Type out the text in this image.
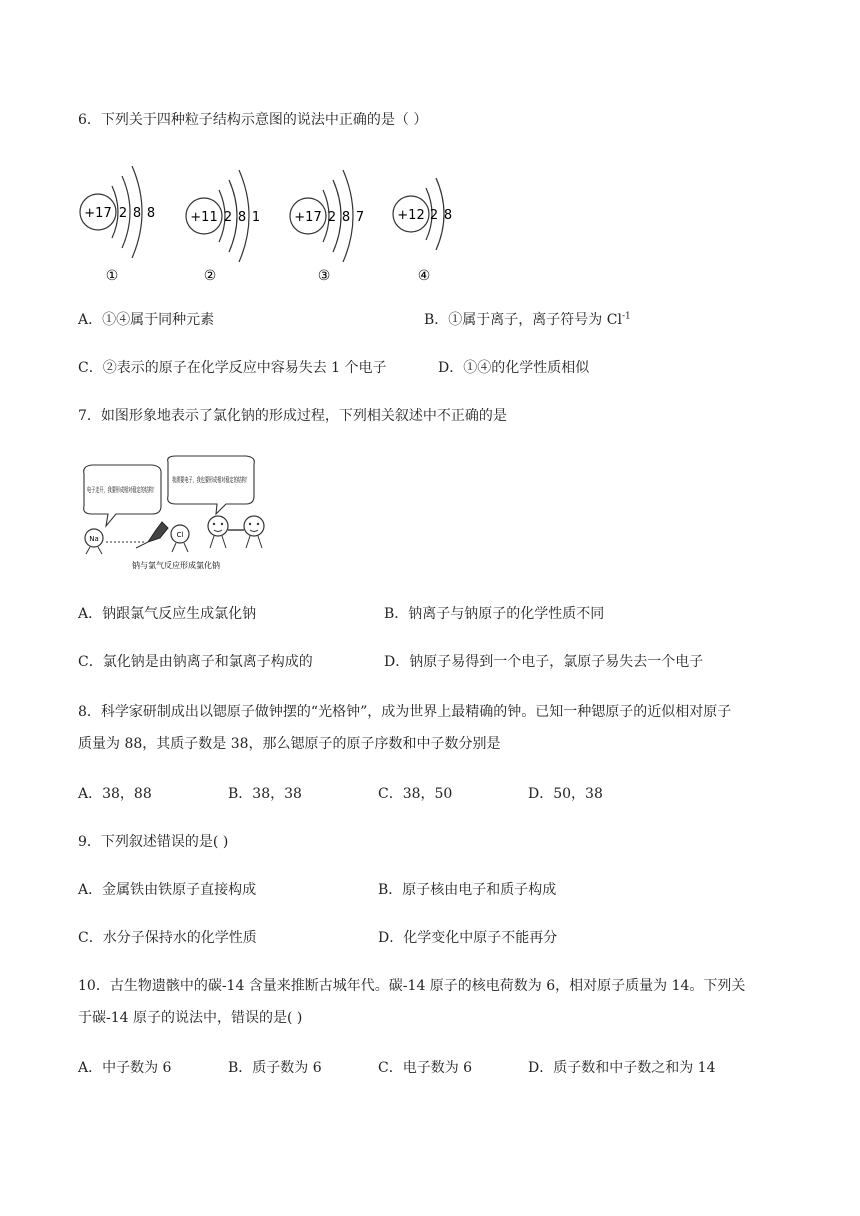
6．下列关于四种粒子结构示意图的说法中正确的是（ ）
+17 2 8 8
①
+11 2 8 1
②
+17 2 8 7
③
+12 2 8
④
A．①④属于同种元素	B．①属于离子，离子符号为 $Cl^{-1}$
C．②表示的原子在化学反应中容易失去 1 个电子	D．①④的化学性质相似
7．如图形象地表示了氯化钠的形成过程，下列相关叙述中不正确的是
电子走开，我要形成相对稳定的结构！
我需要电子，我也要形成相对稳定的结构！
Na	Cl
钠与氯气反应形成氯化钠
A．钠跟氯气反应生成氯化钠	B．钠离子与钠原子的化学性质不同
C．氯化钠是由钠离子和氯离子构成的	D．钠原子易得到一个电子，氯原子易失去一个电子
8．科学家研制成出以锶原子做钟摆的“光格钟”，成为世界上最精确的钟。已知一种锶原子的近似相对原子
质量为 88，其质子数是 38，那么锶原子的原子序数和中子数分别是
A．38，88	B．38，38	C．38，50	D．50，38
9．下列叙述错误的是( )
A．金属铁由铁原子直接构成	B．原子核由电子和质子构成
C．水分子保持水的化学性质	D．化学变化中原子不能再分
10．古生物遗骸中的碳-14 含量来推断古城年代。碳-14 原子的核电荷数为 6，相对原子质量为 14。下列关
于碳-14 原子的说法中，错误的是( )
A．中子数为 6	B．质子数为 6	C．电子数为 6	D．质子数和中子数之和为 14
